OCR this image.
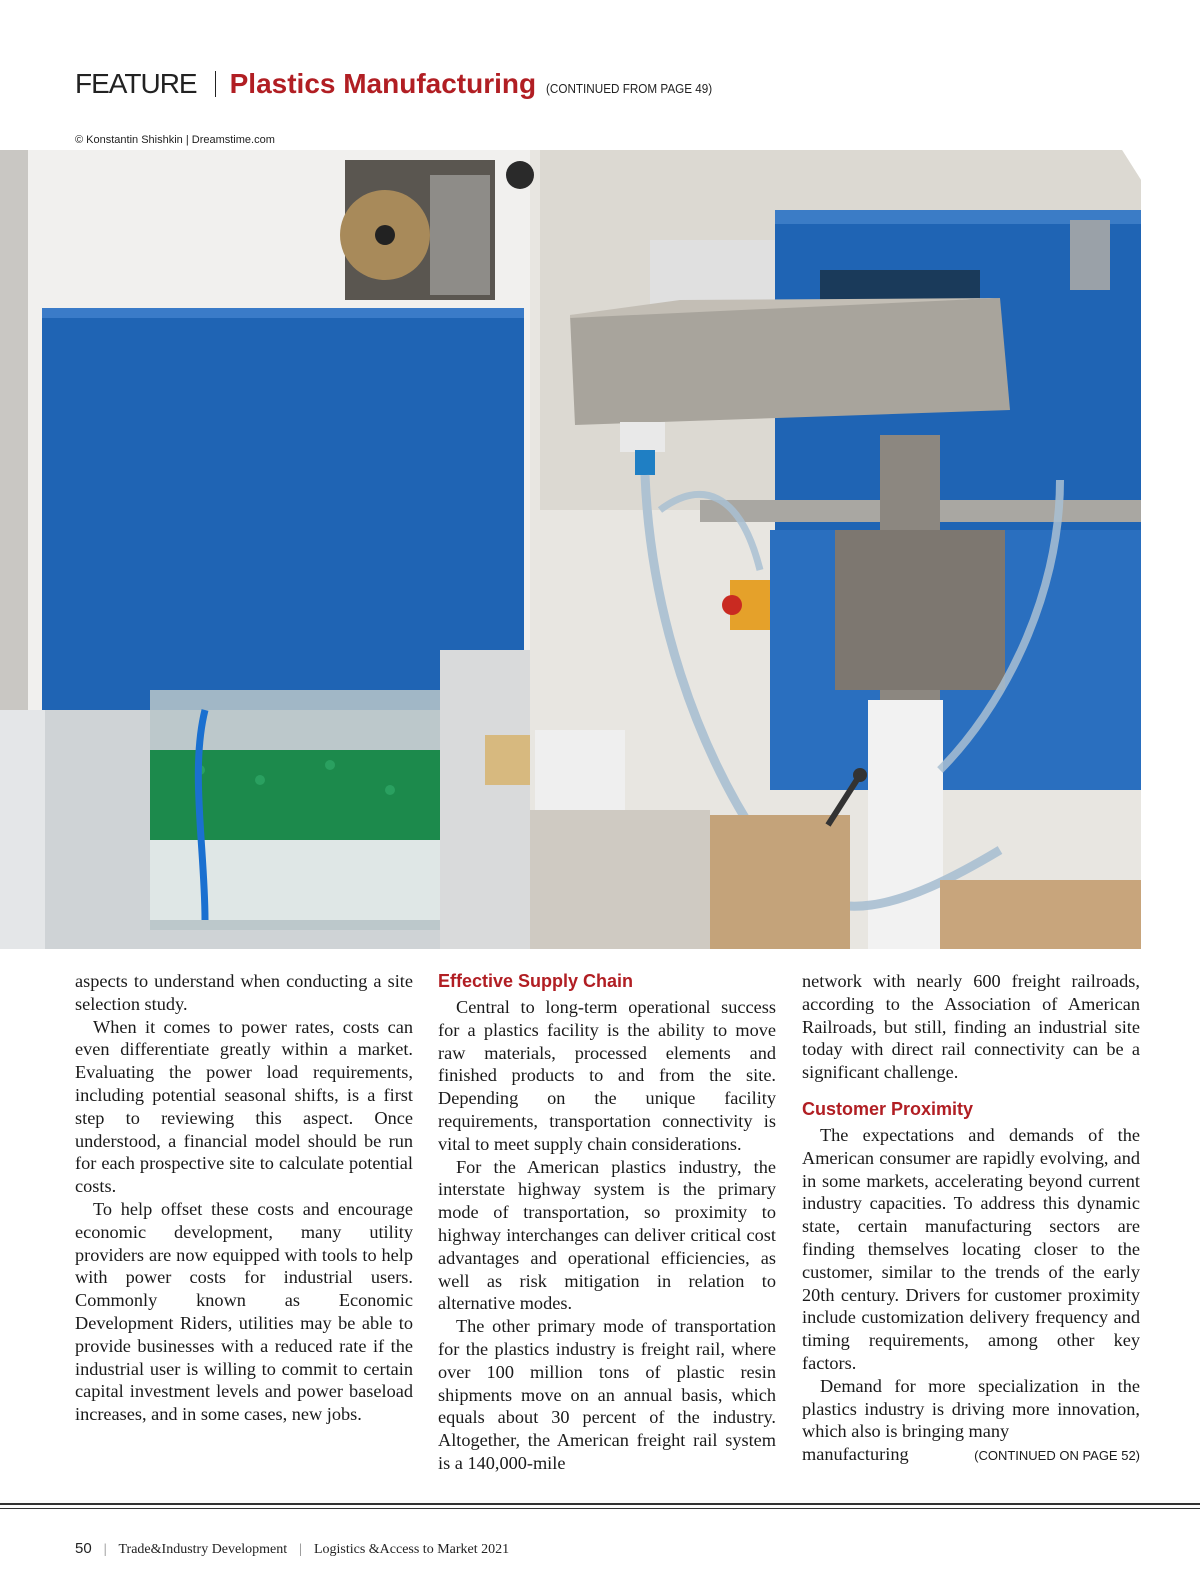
FEATURE Plastics Manufacturing (CONTINUED FROM PAGE 49)
© Konstantin Shishkin | Dreamstime.com

aspects to understand when conducting a site selection study.

When it comes to power rates, costs can even differentiate greatly within a market. Evaluating the power load requirements, including potential seasonal shifts, is a first step to reviewing this aspect. Once understood, a financial model should be run for each prospective site to calculate potential costs.

To help offset these costs and encourage economic development, many utility providers are now equipped with tools to help with power costs for industrial users. Commonly known as Economic Development Riders, utilities may be able to provide businesses with a reduced rate if the industrial user is willing to commit to certain capital investment levels and power baseload increases, and in some cases, new jobs.

Effective Supply Chain

Central to long-term operational success for a plastics facility is the ability to move raw materials, processed elements and finished products to and from the site. Depending on the unique facility requirements, transportation connectivity is vital to meet supply chain considerations.

For the American plastics industry, the interstate highway system is the primary mode of transportation, so proximity to highway interchanges can deliver critical cost advantages and operational efficiencies, as well as risk mitigation in relation to alternative modes.

The other primary mode of transportation for the plastics industry is freight rail, where over 100 million tons of plastic resin shipments move on an annual basis, which equals about 30 percent of the industry. Altogether, the American freight rail system is a 140,000-mile

network with nearly 600 freight railroads, according to the Association of American Railroads, but still, finding an industrial site today with direct rail connectivity can be a significant challenge.

Customer Proximity

The expectations and demands of the American consumer are rapidly evolving, and in some markets, accelerating beyond current industry capacities. To address this dynamic state, certain manufacturing sectors are finding themselves locating closer to the customer, similar to the trends of the early 20th century. Drivers for customer proximity include customization delivery frequency and timing requirements, among other key factors.

Demand for more specialization in the plastics industry is driving more innovation, which also is bringing many

manufacturing	(CONTINUED ON PAGE 52)

50 | Trade&Industry Development | Logistics &Access to Market 2021
